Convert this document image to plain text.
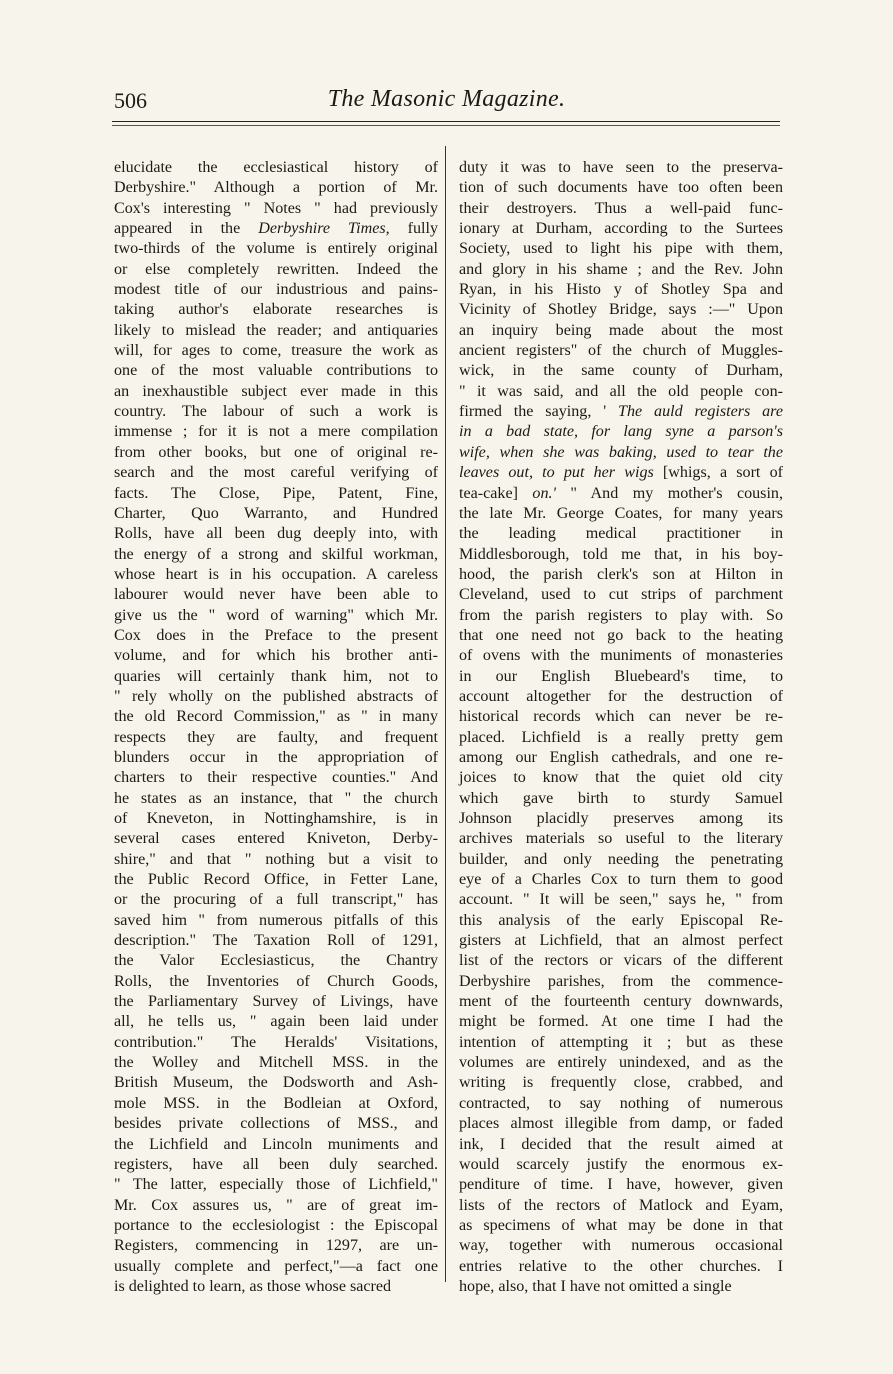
506	The Masonic Magazine.
elucidate the ecclesiastical history of
Derbyshire." Although a portion of Mr.
Cox's interesting " Notes " had previously
appeared in the Derbyshire Times, fully
two-thirds of the volume is entirely original
or else completely rewritten. Indeed the
modest title of our industrious and pains-
taking author's elaborate researches is
likely to mislead the reader; and antiquaries
will, for ages to come, treasure the work as
one of the most valuable contributions to
an inexhaustible subject ever made in this
country. The labour of such a work is
immense ; for it is not a mere compilation
from other books, but one of original re-
search and the most careful verifying of
facts. The Close, Pipe, Patent, Fine,
Charter, Quo Warranto, and Hundred
Rolls, have all been dug deeply into, with
the energy of a strong and skilful workman,
whose heart is in his occupation. A careless
labourer would never have been able to
give us the " word of warning" which Mr.
Cox does in the Preface to the present
volume, and for which his brother anti-
quaries will certainly thank him, not to
" rely wholly on the published abstracts of
the old Record Commission," as " in many
respects they are faulty, and frequent
blunders occur in the appropriation of
charters to their respective counties." And
he states as an instance, that " the church
of Kneveton, in Nottinghamshire, is in
several cases entered Kniveton, Derby-
shire," and that " nothing but a visit to
the Public Record Office, in Fetter Lane,
or the procuring of a full transcript," has
saved him " from numerous pitfalls of this
description." The Taxation Roll of 1291,
the Valor Ecclesiasticus, the Chantry
Rolls, the Inventories of Church Goods,
the Parliamentary Survey of Livings, have
all, he tells us, " again been laid under
contribution." The Heralds' Visitations,
the Wolley and Mitchell MSS. in the
British Museum, the Dodsworth and Ash-
mole MSS. in the Bodleian at Oxford,
besides private collections of MSS., and
the Lichfield and Lincoln muniments and
registers, have all been duly searched.
" The latter, especially those of Lichfield,"
Mr. Cox assures us, " are of great im-
portance to the ecclesiologist : the Episcopal
Registers, commencing in 1297, are un-
usually complete and perfect,"—a fact one
is delighted to learn, as those whose sacred
duty it was to have seen to the preserva-
tion of such documents have too often been
their destroyers. Thus a well-paid func-
ionary at Durham, according to the Surtees
Society, used to light his pipe with them,
and glory in his shame ; and the Rev. John
Ryan, in his Histo y of Shotley Spa and
Vicinity of Shotley Bridge, says :—" Upon
an inquiry being made about the most
ancient registers" of the church of Muggles-
wick, in the same county of Durham,
" it was said, and all the old people con-
firmed the saying, ' The auld registers are
in a bad state, for lang syne a parson's
wife, when she was baking, used to tear the
leaves out, to put her wigs [whigs, a sort of
tea-cake] on.' " And my mother's cousin,
the late Mr. George Coates, for many years
the leading medical practitioner in
Middlesborough, told me that, in his boy-
hood, the parish clerk's son at Hilton in
Cleveland, used to cut strips of parchment
from the parish registers to play with. So
that one need not go back to the heating
of ovens with the muniments of monasteries
in our English Bluebeard's time, to
account altogether for the destruction of
historical records which can never be re-
placed. Lichfield is a really pretty gem
among our English cathedrals, and one re-
joices to know that the quiet old city
which gave birth to sturdy Samuel
Johnson placidly preserves among its
archives materials so useful to the literary
builder, and only needing the penetrating
eye of a Charles Cox to turn them to good
account. " It will be seen," says he, " from
this analysis of the early Episcopal Re-
gisters at Lichfield, that an almost perfect
list of the rectors or vicars of the different
Derbyshire parishes, from the commence-
ment of the fourteenth century downwards,
might be formed. At one time I had the
intention of attempting it ; but as these
volumes are entirely unindexed, and as the
writing is frequently close, crabbed, and
contracted, to say nothing of numerous
places almost illegible from damp, or faded
ink, I decided that the result aimed at
would scarcely justify the enormous ex-
penditure of time. I have, however, given
lists of the rectors of Matlock and Eyam,
as specimens of what may be done in that
way, together with numerous occasional
entries relative to the other churches. I
hope, also, that I have not omitted a single
